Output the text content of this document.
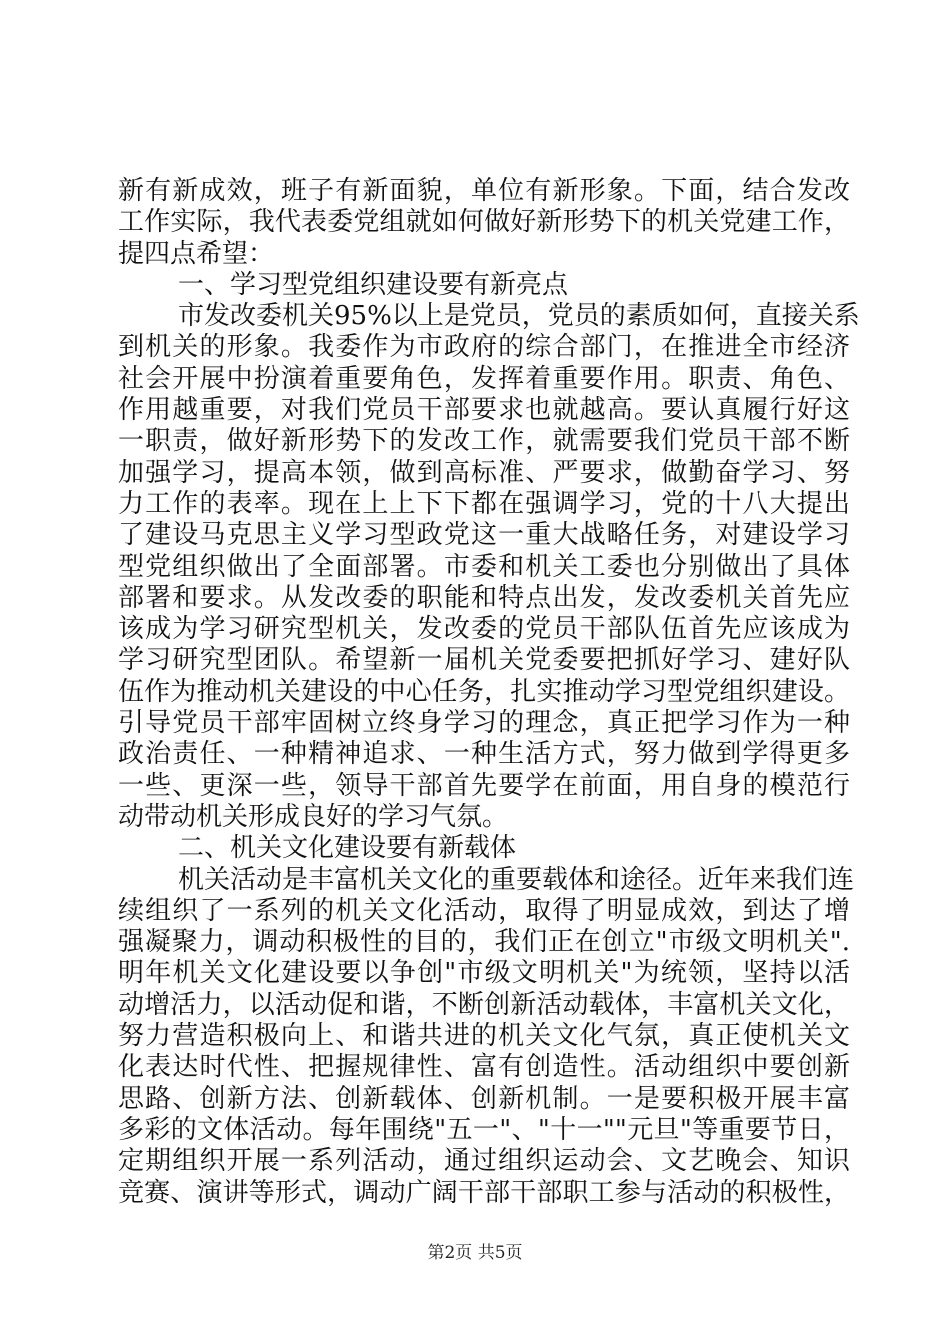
新有新成效，班子有新面貌，单位有新形象。下面，结合发改
工作实际，我代表委党组就如何做好新形势下的机关党建工作，
提四点希望：
一、学习型党组织建设要有新亮点
市发改委机关95%以上是党员，党员的素质如何，直接关系
到机关的形象。我委作为市政府的综合部门，在推进全市经济
社会开展中扮演着重要角色，发挥着重要作用。职责、角色、
作用越重要，对我们党员干部要求也就越高。要认真履行好这
一职责，做好新形势下的发改工作，就需要我们党员干部不断
加强学习，提高本领，做到高标准、严要求，做勤奋学习、努
力工作的表率。现在上上下下都在强调学习，党的十八大提出
了建设马克思主义学习型政党这一重大战略任务，对建设学习
型党组织做出了全面部署。市委和机关工委也分别做出了具体
部署和要求。从发改委的职能和特点出发，发改委机关首先应
该成为学习研究型机关，发改委的党员干部队伍首先应该成为
学习研究型团队。希望新一届机关党委要把抓好学习、建好队
伍作为推动机关建设的中心任务，扎实推动学习型党组织建设。
引导党员干部牢固树立终身学习的理念，真正把学习作为一种
政治责任、一种精神追求、一种生活方式，努力做到学得更多
一些、更深一些，领导干部首先要学在前面，用自身的模范行
动带动机关形成良好的学习气氛。
二、机关文化建设要有新载体
机关活动是丰富机关文化的重要载体和途径。近年来我们连
续组织了一系列的机关文化活动，取得了明显成效，到达了增
强凝聚力，调动积极性的目的，我们正在创立"市级文明机关".
明年机关文化建设要以争创"市级文明机关"为统领，坚持以活
动增活力，以活动促和谐，不断创新活动载体，丰富机关文化，
努力营造积极向上、和谐共进的机关文化气氛，真正使机关文
化表达时代性、把握规律性、富有创造性。活动组织中要创新
思路、创新方法、创新载体、创新机制。一是要积极开展丰富
多彩的文体活动。每年围绕"五一"、"十一""元旦"等重要节日，
定期组织开展一系列活动，通过组织运动会、文艺晚会、知识
竞赛、演讲等形式，调动广阔干部干部职工参与活动的积极性，
第2页 共5页
